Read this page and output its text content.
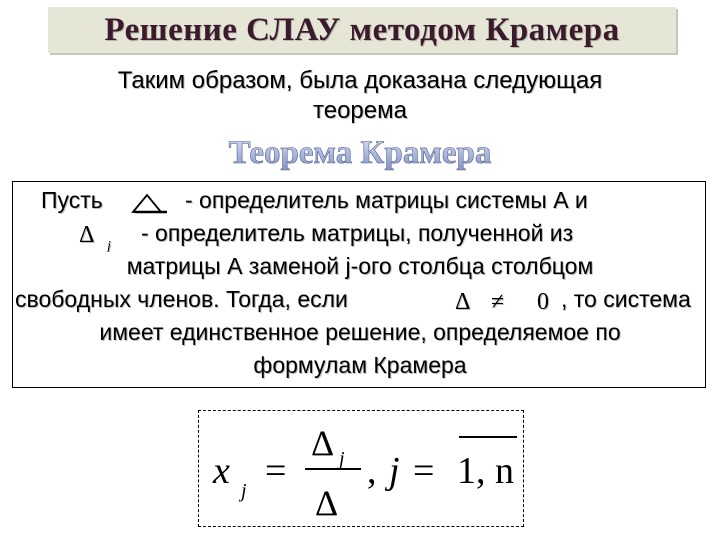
Решение СЛАУ методом Крамера
Таким образом, была доказана следующая
теорема
Теорема Крамера
Пусть	- определитель матрицы системы А и
Δ j
- определитель матрицы, полученной из
матрицы А заменой j-ого столбца столбцом
свободных членов. Тогда, если	Δ ≠ 0 , то система
имеет единственное решение, определяемое по
формулам Крамера
x j =
Δ j
Δ
, j = 1, n
